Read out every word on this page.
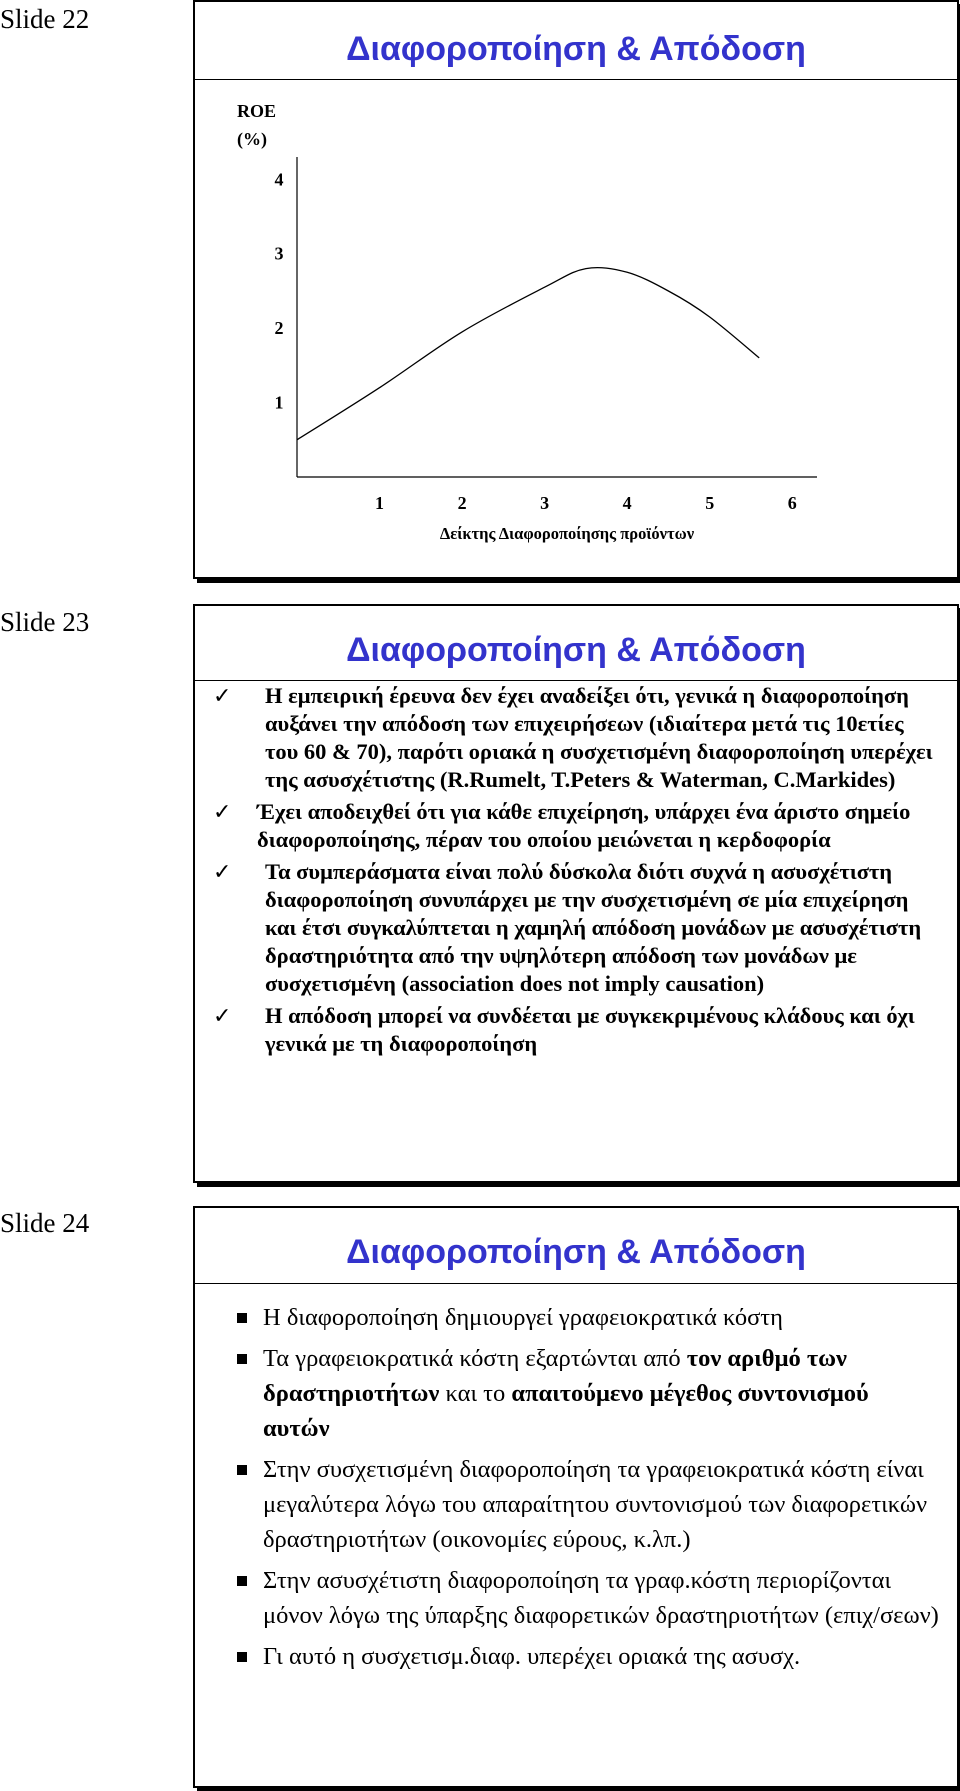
Slide 22
Διαφοροποίηση & Απόδοση
ROE
(%)
1
2
3
4
1	2	3	4	5	6
Δείκτης Διαφοροποίησης προϊόντων
Slide 23
Διαφοροποίηση & Απόδοση
✓ Η εμπειρική έρευνα δεν έχει αναδείξει ότι, γενικά η διαφοροποίηση αυξάνει την απόδοση των επιχειρήσεων (ιδιαίτερα μετά τις 10ετίες του 60 & 70), παρότι οριακά η συσχετισμένη διαφοροποίηση υπερέχει της ασυσχέτιστης (R.Rumelt, T.Peters & Waterman, C.Markides)
✓ Έχει αποδειχθεί ότι για κάθε επιχείρηση, υπάρχει ένα άριστο σημείο διαφοροποίησης, πέραν του οποίου μειώνεται η κερδοφορία
✓ Τα συμπεράσματα είναι πολύ δύσκολα διότι συχνά η ασυσχέτιστη διαφοροποίηση συνυπάρχει με την συσχετισμένη σε μία επιχείρηση και έτσι συγκαλύπτεται η χαμηλή απόδοση μονάδων με ασυσχέτιστη δραστηριότητα από την υψηλότερη απόδοση των μονάδων με συσχετισμένη (association does not imply causation)
✓ Η απόδοση μπορεί να συνδέεται με συγκεκριμένους κλάδους και όχι γενικά με τη διαφοροποίηση
Slide 24
Διαφοροποίηση & Απόδοση
Η διαφοροποίηση δημιουργεί γραφειοκρατικά κόστη
Τα γραφειοκρατικά κόστη εξαρτώνται από τον αριθμό των δραστηριοτήτων και το απαιτούμενο μέγεθος συντονισμού αυτών
Στην συσχετισμένη διαφοροποίηση τα γραφειοκρατικά κόστη είναι μεγαλύτερα λόγω του απαραίτητου συντονισμού των διαφορετικών δραστηριοτήτων (οικονομίες εύρους, κ.λπ.)
Στην ασυσχέτιστη διαφοροποίηση τα γραφ.κόστη περιορίζονται μόνον λόγω της ύπαρξης διαφορετικών δραστηριοτήτων (επιχ/σεων)
Γι αυτό η συσχετισμ.διαφ. υπερέχει οριακά της ασυσχ.
